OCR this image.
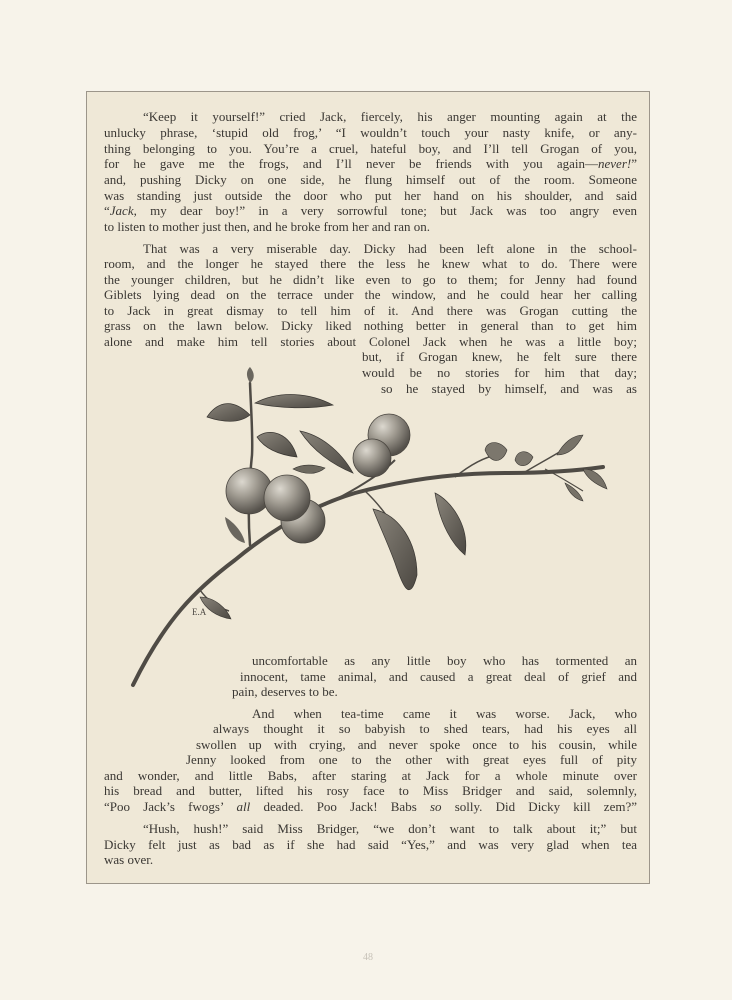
“Keep it yourself!” cried Jack, fiercely, his anger mounting again at the
unlucky phrase, ‘stupid old frog,’ “I wouldn’t touch your nasty knife, or any-
thing belonging to you. You’re a cruel, hateful boy, and I’ll tell Grogan of you,
for he gave me the frogs, and I’ll never be friends with you again—never!”
and, pushing Dicky on one side, he flung himself out of the room. Someone
was standing just outside the door who put her hand on his shoulder, and said
“Jack, my dear boy!” in a very sorrowful tone; but Jack was too angry even
to listen to mother just then, and he broke from her and ran on.
That was a very miserable day. Dicky had been left alone in the school-
room, and the longer he stayed there the less he knew what to do. There were
the younger children, but he didn’t like even to go to them; for Jenny had found
Giblets lying dead on the terrace under the window, and he could hear her calling
to Jack in great dismay to tell him of it. And there was Grogan cutting the
grass on the lawn below. Dicky liked nothing better in general than to get him
alone and make him tell stories about Colonel Jack when he was a little boy;
but, if Grogan knew, he felt sure there
would be no stories for him that day;
so he stayed by himself, and was as
uncomfortable as any little boy who has tormented an
innocent, tame animal, and caused a great deal of grief and
pain, deserves to be.
And when tea-time came it was worse. Jack, who
always thought it so babyish to shed tears, had his eyes all
swollen up with crying, and never spoke once to his cousin, while
Jenny looked from one to the other with great eyes full of pity
and wonder, and little Babs, after staring at Jack for a whole minute over
his bread and butter, lifted his rosy face to Miss Bridger and said, solemnly,
“Poo Jack’s fwogs’ all deaded. Poo Jack! Babs so solly. Did Dicky kill zem?”
“Hush, hush!” said Miss Bridger, “we don’t want to talk about it;” but
Dicky felt just as bad as if she had said “Yes,” and was very glad when tea
was over.
E.A
48
